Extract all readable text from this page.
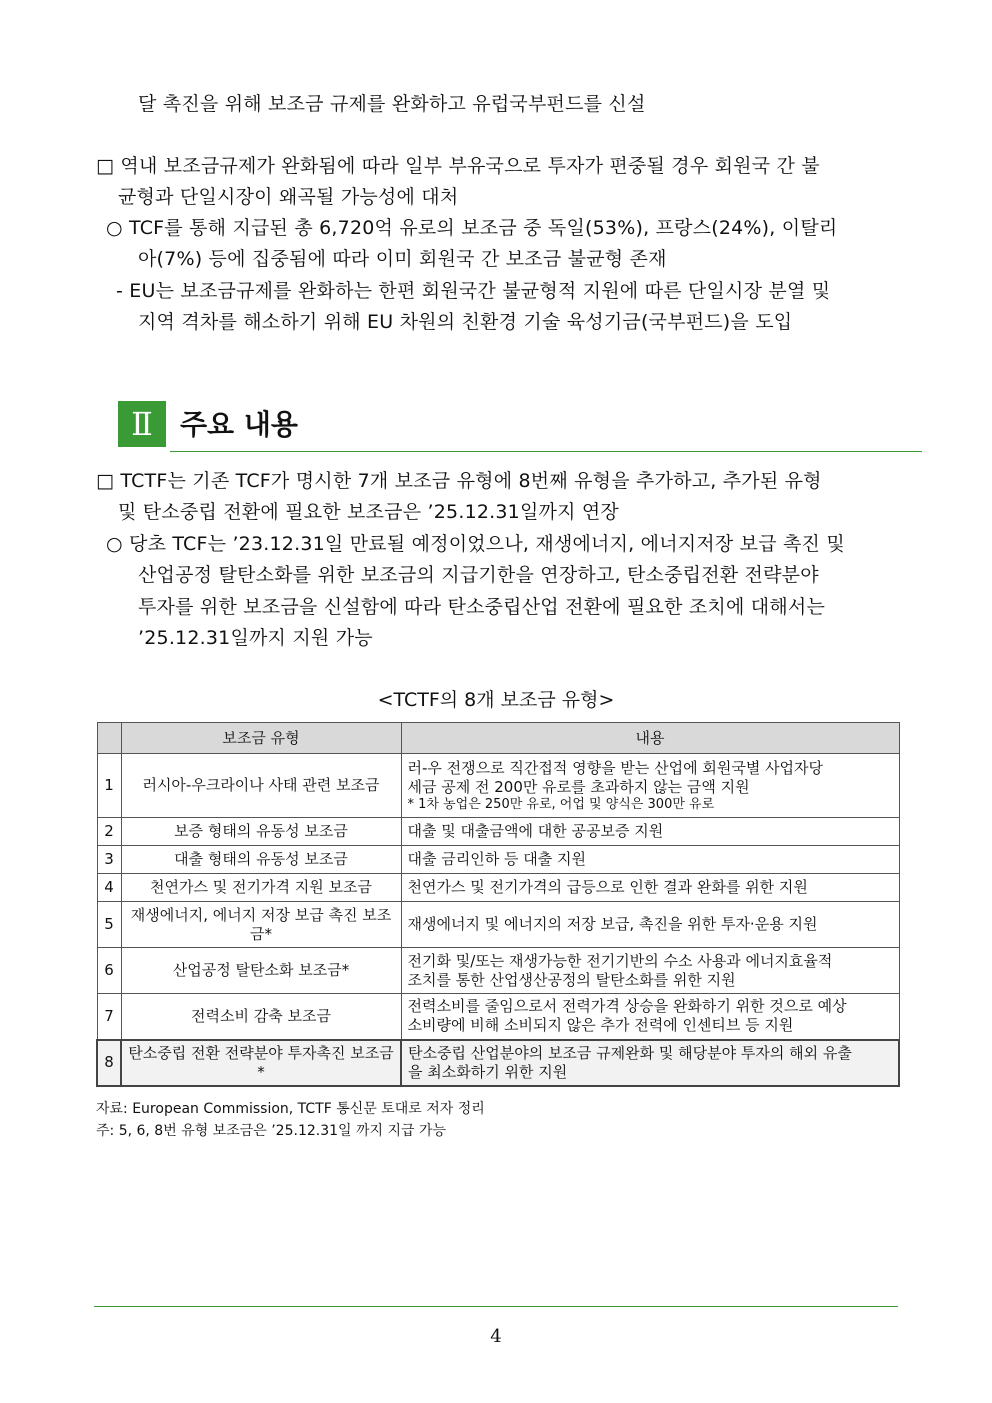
달 촉진을 위해 보조금 규제를 완화하고 유럽국부펀드를 신설
□ 역내 보조금규제가 완화됨에 따라 일부 부유국으로 투자가 편중될 경우 회원국 간 불
균형과 단일시장이 왜곡될 가능성에 대처
○ TCF를 통해 지급된 총 6,720억 유로의 보조금 중 독일(53%), 프랑스(24%), 이탈리
아(7%) 등에 집중됨에 따라 이미 회원국 간 보조금 불균형 존재
- EU는 보조금규제를 완화하는 한편 회원국간 불균형적 지원에 따른 단일시장 분열 및
지역 격차를 해소하기 위해 EU 차원의 친환경 기술 육성기금(국부펀드)을 도입
Ⅱ 주요 내용
□ TCTF는 기존 TCF가 명시한 7개 보조금 유형에 8번째 유형을 추가하고, 추가된 유형
및 탄소중립 전환에 필요한 보조금은 ’25.12.31일까지 연장
○ 당초 TCF는 ’23.12.31일 만료될 예정이었으나, 재생에너지, 에너지저장 보급 촉진 및
산업공정 탈탄소화를 위한 보조금의 지급기한을 연장하고, 탄소중립전환 전략분야
투자를 위한 보조금을 신설함에 따라 탄소중립산업 전환에 필요한 조치에 대해서는
’25.12.31일까지 지원 가능
<TCTF의 8개 보조금 유형>
	보조금 유형	내용
1	러시아-우크라이나 사태 관련 보조금	러-우 전쟁으로 직간접적 영향을 받는 산업에 회원국별 사업자당
세금 공제 전 200만 유로를 초과하지 않는 금액 지원
* 1차 농업은 250만 유로, 어업 및 양식은 300만 유로

2	보증 형태의 유동성 보조금	대출 및 대출금액에 대한 공공보증 지원
3	대출 형태의 유동성 보조금	대출 금리인하 등 대출 지원
4	천연가스 및 전기가격 지원 보조금	천연가스 및 전기가격의 급등으로 인한 결과 완화를 위한 지원
5	재생에너지, 에너지 저장 보급 촉진 보조금*	재생에너지 및 에너지의 저장 보급, 촉진을 위한 투자·운용 지원
6	산업공정 탈탄소화 보조금*	전기화 및/또는 재생가능한 전기기반의 수소 사용과 에너지효율적
조치를 통한 산업생산공정의 탈탄소화를 위한 지원

7	전력소비 감축 보조금	전력소비를 줄임으로서 전력가격 상승을 완화하기 위한 것으로 예상
소비량에 비해 소비되지 않은 추가 전력에 인센티브 등 지원

8	탄소중립 전환 전략분야 투자촉진 보조금*	탄소중립 산업분야의 보조금 규제완화 및 해당분야 투자의 해외 유출
을 최소화하기 위한 지원
자료: European Commission, TCTF 통신문 토대로 저자 정리
주: 5, 6, 8번 유형 보조금은 ’25.12.31일 까지 지급 가능
4
